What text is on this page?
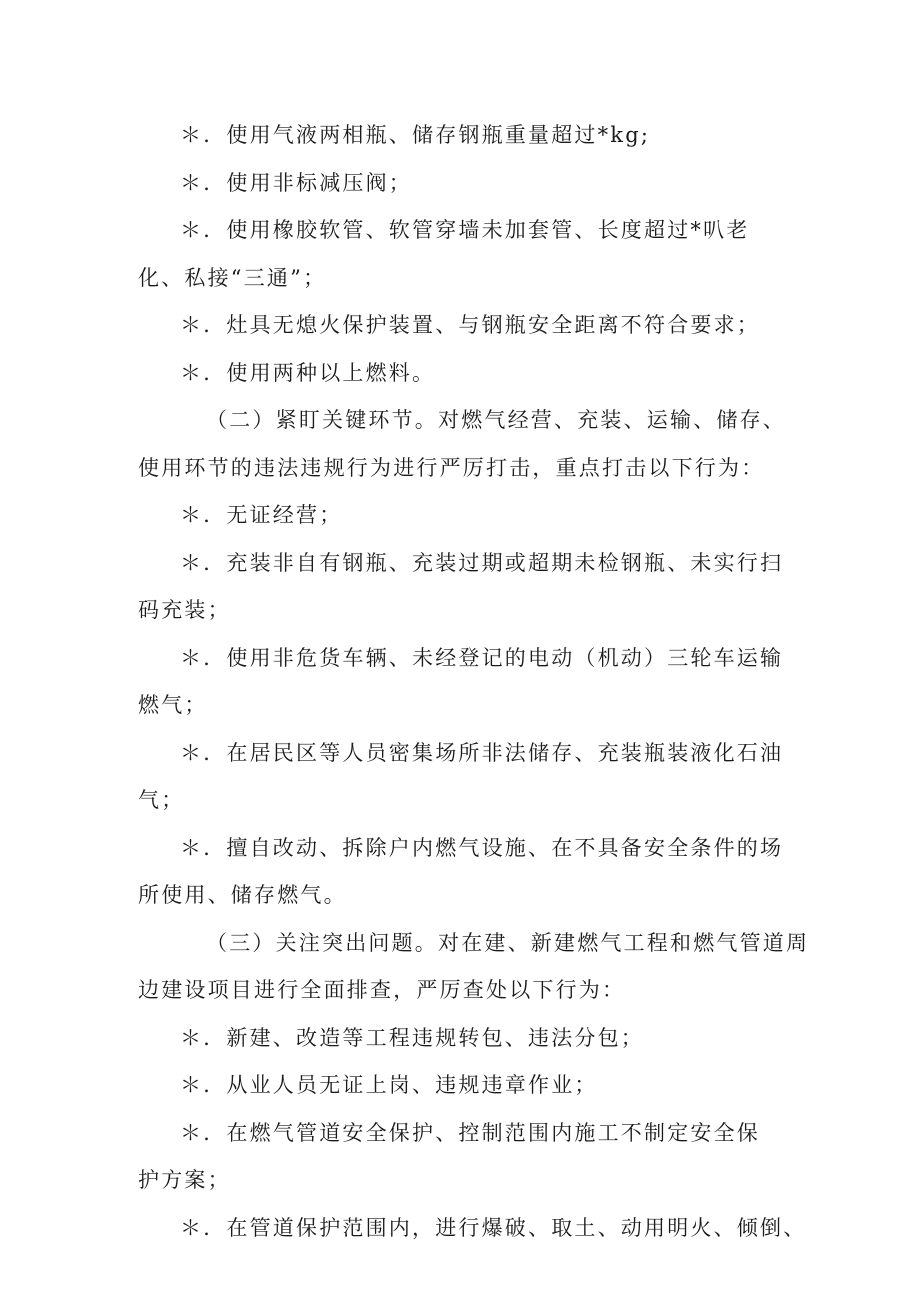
＊．使用气液两相瓶、储存钢瓶重量超过*kg;
＊．使用非标减压阀；
＊．使用橡胶软管、软管穿墙未加套管、长度超过*叭老
化、私接“三通”；
＊．灶具无熄火保护装置、与钢瓶安全距离不符合要求；
＊．使用两种以上燃料。
（二）紧盯关键环节。对燃气经营、充装、运输、储存、
使用环节的违法违规行为进行严厉打击，重点打击以下行为：
＊．无证经营；
＊．充装非自有钢瓶、充装过期或超期未检钢瓶、未实行扫
码充装；
＊．使用非危货车辆、未经登记的电动（机动）三轮车运输
燃气；
＊．在居民区等人员密集场所非法储存、充装瓶装液化石油
气；
＊．擅自改动、拆除户内燃气设施、在不具备安全条件的场
所使用、储存燃气。
（三）关注突出问题。对在建、新建燃气工程和燃气管道周
边建设项目进行全面排查，严厉查处以下行为：
＊．新建、改造等工程违规转包、违法分包；
＊．从业人员无证上岗、违规违章作业；
＊．在燃气管道安全保护、控制范围内施工不制定安全保
护方案；
＊．在管道保护范围内，进行爆破、取土、动用明火、倾倒、
